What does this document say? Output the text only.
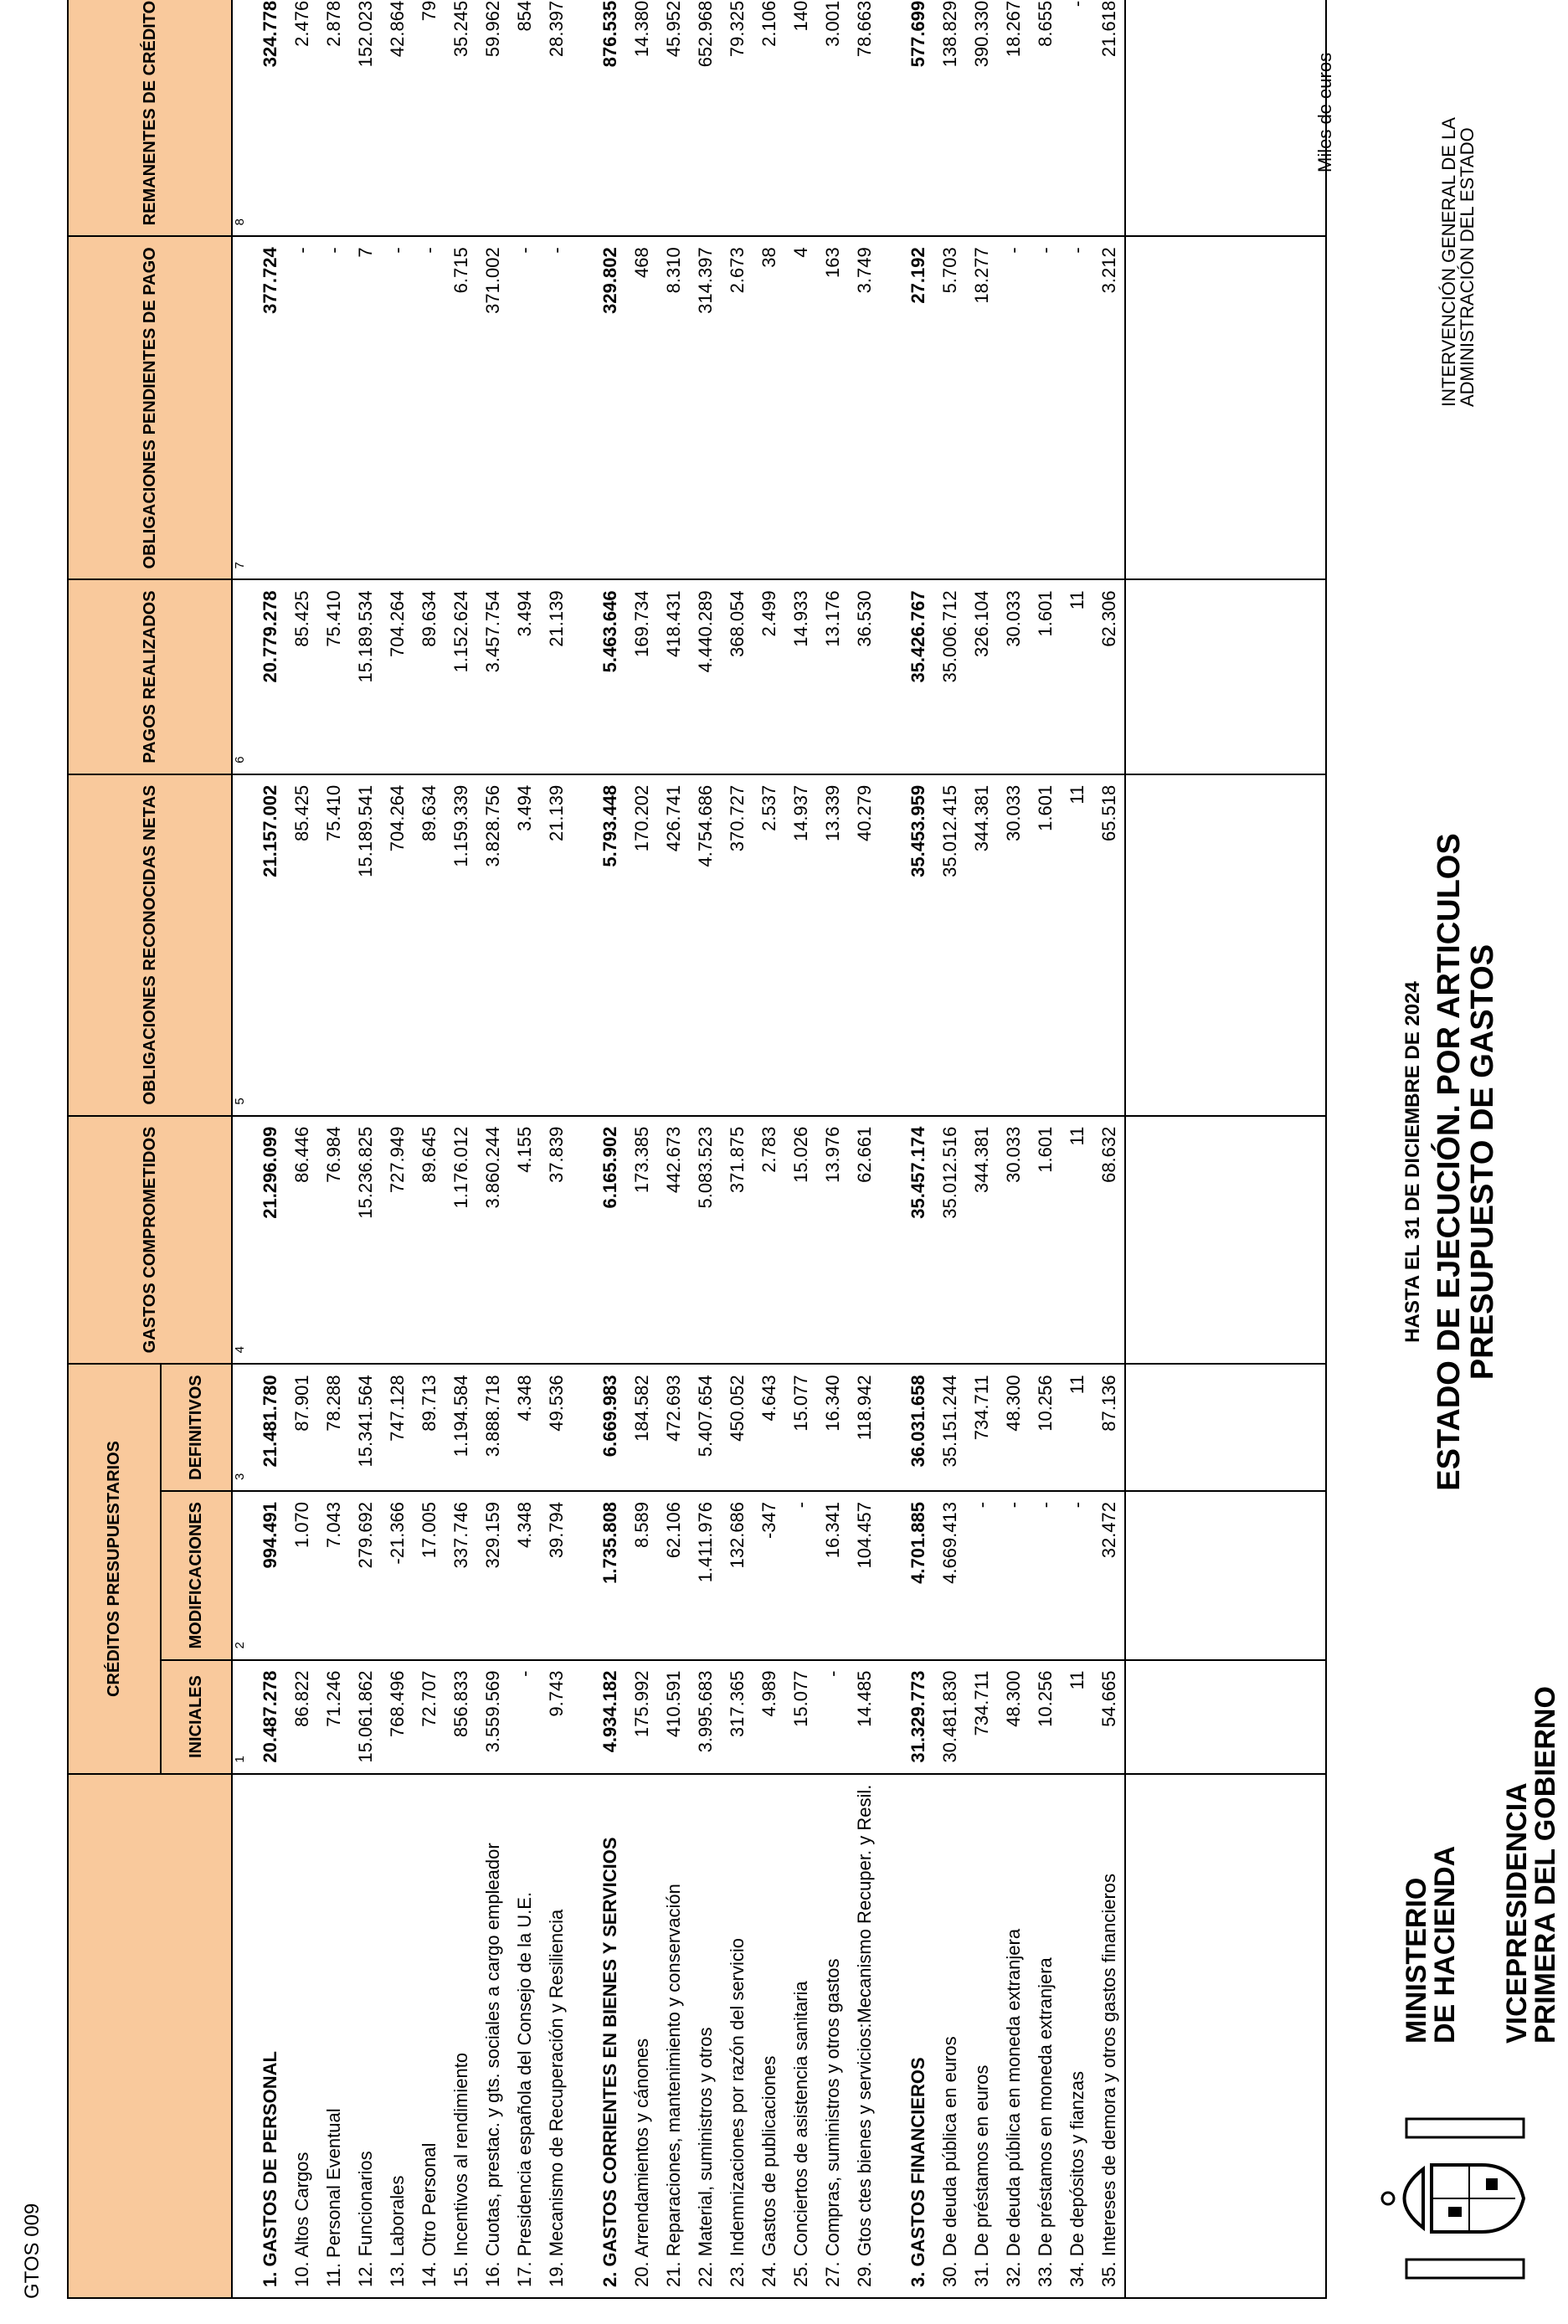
VICEPRESIDENCIA
PRIMERA DEL GOBIERNO
MINISTERIO
DE HACIENDA
PRESUPUESTO DE GASTOS
ESTADO DE EJECUCIÓN. POR ARTICULOS
HASTA EL 31 DE DICIEMBRE DE 2024
INTERVENCIÓN GENERAL DE LA
ADMINISTRACIÓN DEL ESTADO
Miles de euros
GTOS 009
	CRÉDITOS PRESUPUESTARIOS			GASTOS COMPROMETIDOS	OBLIGACIONES RECONOCIDAS NETAS	PAGOS REALIZADOS	OBLIGACIONES PENDIENTES DE PAGO	REMANENTES DE CRÉDITO
	INICIALES	MODIFICACIONES	DEFINITIVOS					
	1	2	3	4	5	6	7	8
1. GASTOS DE PERSONAL	20.487.278	994.491	21.481.780	21.296.099	21.157.002	20.779.278	377.724	324.778
10. Altos Cargos	86.822	1.070	87.901	86.446	85.425	85.425	-	2.476
11. Personal Eventual	71.246	7.043	78.288	76.984	75.410	75.410	-	2.878
12. Funcionarios	15.061.862	279.692	15.341.564	15.236.825	15.189.541	15.189.534	7	152.023
13. Laborales	768.496	-21.366	747.128	727.949	704.264	704.264	-	42.864
14. Otro Personal	72.707	17.005	89.713	89.645	89.634	89.634	-	79
15. Incentivos al rendimiento	856.833	337.746	1.194.584	1.176.012	1.159.339	1.152.624	6.715	35.245
16. Cuotas, prestac. y gts. sociales a cargo empleador	3.559.569	329.159	3.888.718	3.860.244	3.828.756	3.457.754	371.002	59.962
17. Presidencia española del Consejo de la U.E.	-	4.348	4.348	4.155	3.494	3.494	-	854
19. Mecanismo de Recuperación y Resiliencia	9.743	39.794	49.536	37.839	21.139	21.139	-	28.397

2. GASTOS CORRIENTES EN BIENES Y SERVICIOS	4.934.182	1.735.808	6.669.983	6.165.902	5.793.448	5.463.646	329.802	876.535
20. Arrendamientos y cánones	175.992	8.589	184.582	173.385	170.202	169.734	468	14.380
21. Reparaciones, mantenimiento y conservación	410.591	62.106	472.693	442.673	426.741	418.431	8.310	45.952
22. Material, suministros y otros	3.995.683	1.411.976	5.407.654	5.083.523	4.754.686	4.440.289	314.397	652.968
23. Indemnizaciones por razón del servicio	317.365	132.686	450.052	371.875	370.727	368.054	2.673	79.325
24. Gastos de publicaciones	4.989	-347	4.643	2.783	2.537	2.499	38	2.106
25. Conciertos de asistencia sanitaria	15.077	-	15.077	15.026	14.937	14.933	4	140
27. Compras, suministros y otros gastos	-	16.341	16.340	13.976	13.339	13.176	163	3.001
29. Gtos ctes bienes y servicios:Mecanismo Recuper. y Resil.	14.485	104.457	118.942	62.661	40.279	36.530	3.749	78.663

3. GASTOS FINANCIEROS	31.329.773	4.701.885	36.031.658	35.457.174	35.453.959	35.426.767	27.192	577.699
30. De deuda pública en euros	30.481.830	4.669.413	35.151.244	35.012.516	35.012.415	35.006.712	5.703	138.829
31. De préstamos en euros	734.711	-	734.711	344.381	344.381	326.104	18.277	390.330
32. De deuda pública en moneda extranjera	48.300	-	48.300	30.033	30.033	30.033	-	18.267
33. De préstamos en moneda extranjera	10.256	-	10.256	1.601	1.601	1.601	-	8.655
34. De depósitos y fianzas	11	-	11	11	11	11	-	-
35. Intereses de demora y otros gastos financieros	54.665	32.472	87.136	68.632	65.518	62.306	3.212	21.618
